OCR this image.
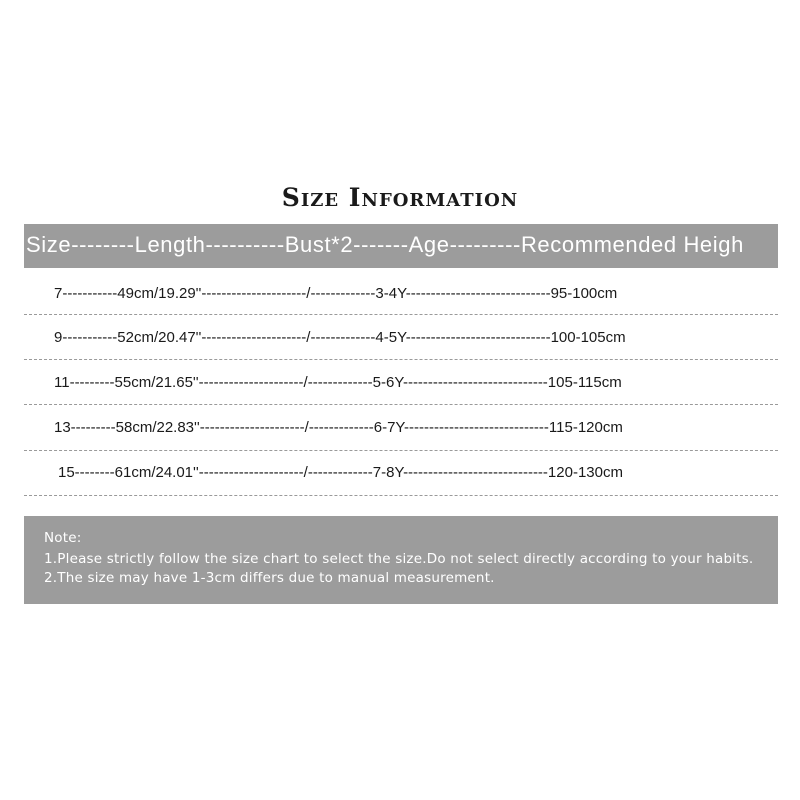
Size Information
Size--------Length----------Bust*2-------Age---------Recommended Heigh
7-----------49cm/19.29''---------------------/-------------3-4Y-----------------------------95-100cm
9-----------52cm/20.47''---------------------/-------------4-5Y-----------------------------100-105cm
11---------55cm/21.65''---------------------/-------------5-6Y-----------------------------105-115cm
13---------58cm/22.83''---------------------/-------------6-7Y-----------------------------115-120cm
15--------61cm/24.01''---------------------/-------------7-8Y-----------------------------120-130cm
Note:
1.Please strictly follow the size chart to select the size.Do not select directly according to your habits.
2.The size may have 1-3cm differs due to manual measurement.
